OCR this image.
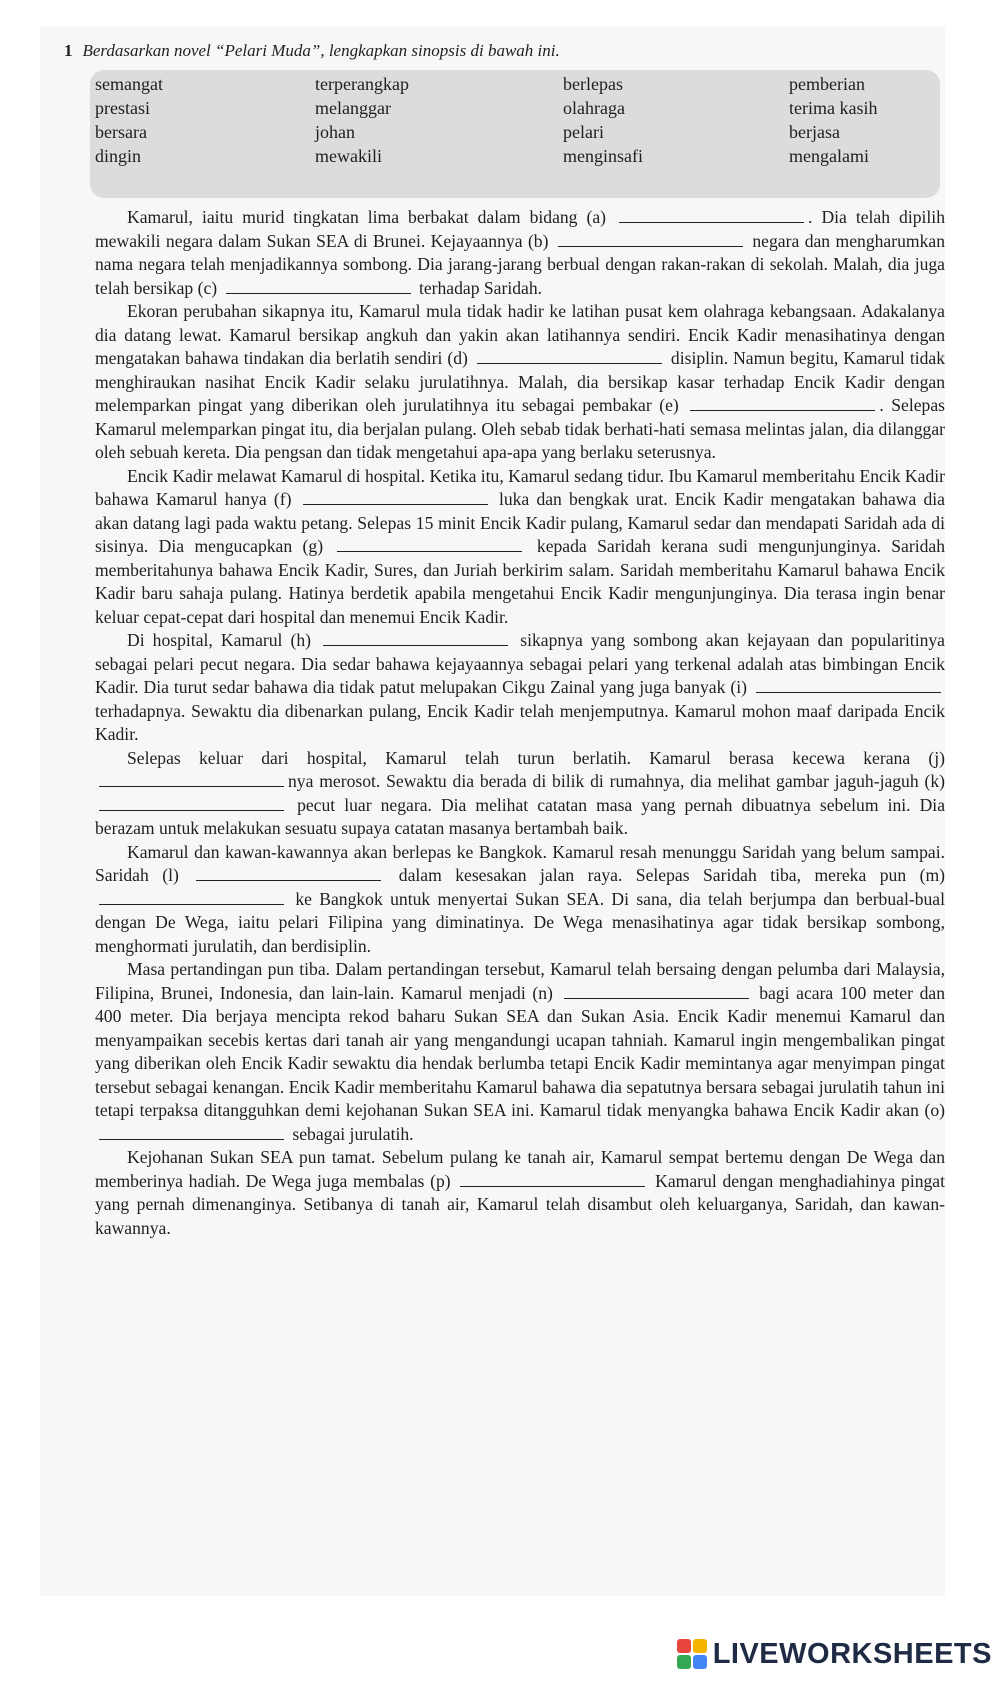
1 Berdasarkan novel “Pelari Muda”, lengkapkan sinopsis di bawah ini.
semangat	terperangkap	berlepas	pemberian
prestasi	melanggar	olahraga	terima kasih
bersara	johan	pelari	berjasa
dingin	mewakili	menginsafi	mengalami

Kamarul, iaitu murid tingkatan lima berbakat dalam bidang (a)	. Dia telah dipilih mewakili negara dalam Sukan SEA di Brunei. Kejayaannya (b)	negara dan mengharumkan nama negara telah menjadikannya sombong. Dia jarang-jarang berbual dengan rakan-rakan di sekolah. Malah, dia juga telah bersikap (c)	terhadap Saridah.

Ekoran perubahan sikapnya itu, Kamarul mula tidak hadir ke latihan pusat kem olahraga kebangsaan. Adakalanya dia datang lewat. Kamarul bersikap angkuh dan yakin akan latihannya sendiri. Encik Kadir menasihatinya dengan mengatakan bahawa tindakan dia berlatih sendiri (d)	disiplin. Namun begitu, Kamarul tidak menghiraukan nasihat Encik Kadir selaku jurulatihnya. Malah, dia bersikap kasar terhadap Encik Kadir dengan melemparkan pingat yang diberikan oleh jurulatihnya itu sebagai pembakar (e)	. Selepas Kamarul melemparkan pingat itu, dia berjalan pulang. Oleh sebab tidak berhati-hati semasa melintas jalan, dia dilanggar oleh sebuah kereta. Dia pengsan dan tidak mengetahui apa-apa yang berlaku seterusnya.

Encik Kadir melawat Kamarul di hospital. Ketika itu, Kamarul sedang tidur. Ibu Kamarul memberitahu Encik Kadir bahawa Kamarul hanya (f)	luka dan bengkak urat. Encik Kadir mengatakan bahawa dia akan datang lagi pada waktu petang. Selepas 15 minit Encik Kadir pulang, Kamarul sedar dan mendapati Saridah ada di sisinya. Dia mengucapkan (g)	kepada Saridah kerana sudi mengunjunginya. Saridah memberitahunya bahawa Encik Kadir, Sures, dan Juriah berkirim salam. Saridah memberitahu Kamarul bahawa Encik Kadir baru sahaja pulang. Hatinya berdetik apabila mengetahui Encik Kadir mengunjunginya. Dia terasa ingin benar keluar cepat-cepat dari hospital dan menemui Encik Kadir.

Di hospital, Kamarul (h)	sikapnya yang sombong akan kejayaan dan popularitinya sebagai pelari pecut negara. Dia sedar bahawa kejayaannya sebagai pelari yang terkenal adalah atas bimbingan Encik Kadir. Dia turut sedar bahawa dia tidak patut melupakan Cikgu Zainal yang juga banyak (i)  terhadapnya. Sewaktu dia dibenarkan pulang, Encik Kadir telah menjemputnya. Kamarul mohon maaf daripada Encik Kadir.

Selepas keluar dari hospital, Kamarul telah turun berlatih. Kamarul berasa kecewa kerana (j) nya merosot. Sewaktu dia berada di bilik di rumahnya, dia melihat gambar jaguh-jaguh (k)  pecut luar negara. Dia melihat catatan masa yang pernah dibuatnya sebelum ini. Dia berazam untuk melakukan sesuatu supaya catatan masanya bertambah baik.

Kamarul dan kawan-kawannya akan berlepas ke Bangkok. Kamarul resah menunggu Saridah yang belum sampai. Saridah (l)	dalam kesesakan jalan raya. Selepas Saridah tiba, mereka pun (m)  ke Bangkok untuk menyertai Sukan SEA. Di sana, dia telah berjumpa dan berbual-bual dengan De Wega, iaitu pelari Filipina yang diminatinya. De Wega menasihatinya agar tidak bersikap sombong, menghormati jurulatih, dan berdisiplin.

Masa pertandingan pun tiba. Dalam pertandingan tersebut, Kamarul telah bersaing dengan pelumba dari Malaysia, Filipina, Brunei, Indonesia, dan lain-lain. Kamarul menjadi (n)	bagi acara 100 meter dan 400 meter. Dia berjaya mencipta rekod baharu Sukan SEA dan Sukan Asia. Encik Kadir menemui Kamarul dan menyampaikan secebis kertas dari tanah air yang mengandungi ucapan tahniah. Kamarul ingin mengembalikan pingat yang diberikan oleh Encik Kadir sewaktu dia hendak berlumba tetapi Encik Kadir memintanya agar menyimpan pingat tersebut sebagai kenangan. Encik Kadir memberitahu Kamarul bahawa dia sepatutnya bersara sebagai jurulatih tahun ini tetapi terpaksa ditangguhkan demi kejohanan Sukan SEA ini. Kamarul tidak menyangka bahawa Encik Kadir akan (o)  sebagai jurulatih.

Kejohanan Sukan SEA pun tamat. Sebelum pulang ke tanah air, Kamarul sempat bertemu dengan De Wega dan memberinya hadiah. De Wega juga membalas (p)	Kamarul dengan menghadiahinya pingat yang pernah dimenanginya. Setibanya di tanah air, Kamarul telah disambut oleh keluarganya, Saridah, dan kawan-kawannya.

LIVEWORKSHEETS
